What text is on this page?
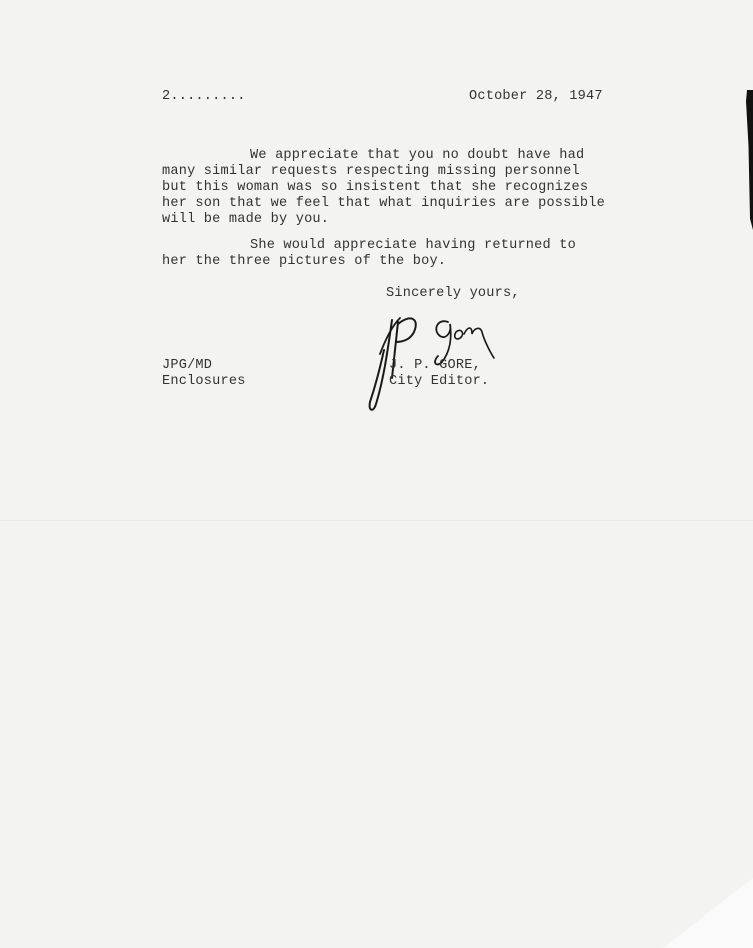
2.........	October 28, 1947

We appreciate that you no doubt have had
many similar requests respecting missing personnel
but this woman was so insistent that she recognizes
her son that we feel that what inquiries are possible
will be made by you.
She would appreciate having returned to
her the three pictures of the boy.

Sincerely yours,

JP Gore

J. P. GORE,

City Editor.

JPG/MD

Enclosures
